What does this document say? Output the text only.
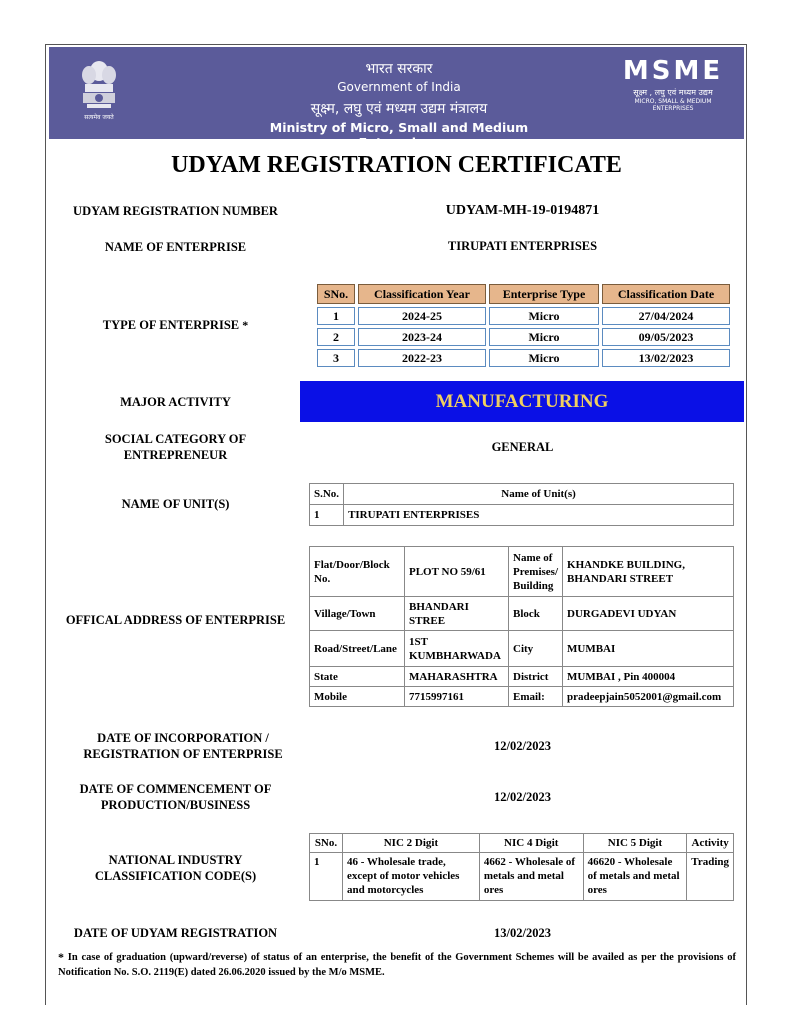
सत्यमेव जयते
भारत सरकार
Government of India
सूक्ष्म, लघु एवं मध्यम उद्यम मंत्रालय
Ministry of Micro, Small and Medium Enterprises
MSME
सूक्ष्म , लघु एवं मध्यम उद्यम
MICRO, SMALL & MEDIUM ENTERPRISES
UDYAM REGISTRATION CERTIFICATE
UDYAM REGISTRATION NUMBER	UDYAM-MH-19-0194871
NAME OF ENTERPRISE	TIRUPATI ENTERPRISES
TYPE OF ENTERPRISE *
SNo.	Classification Year	Enterprise Type	Classification Date
1	2024-25	Micro	27/04/2024
2	2023-24	Micro	09/05/2023
3	2022-23	Micro	13/02/2023
MAJOR ACTIVITY	MANUFACTURING
SOCIAL CATEGORY OF ENTREPRENEUR
GENERAL
NAME OF UNIT(S)
S.No.	Name of Unit(s)
1	TIRUPATI ENTERPRISES
OFFICAL ADDRESS OF ENTERPRISE
Flat/Door/Block No.	PLOT NO 59/61	Name of Premises/ Building	KHANDKE BUILDING, BHANDARI STREET
Village/Town	BHANDARI STREE	Block	DURGADEVI UDYAN
Road/Street/Lane	1ST KUMBHARWADA	City	MUMBAI
State	MAHARASHTRA	District	MUMBAI , Pin 400004
Mobile	7715997161	Email:	pradeepjain5052001@gmail.com
DATE OF INCORPORATION / REGISTRATION OF ENTERPRISE
12/02/2023
DATE OF COMMENCEMENT OF PRODUCTION/BUSINESS
12/02/2023
NATIONAL INDUSTRY CLASSIFICATION CODE(S)
SNo.	NIC 2 Digit	NIC 4 Digit	NIC 5 Digit	Activity
1	46 - Wholesale trade, except of motor vehicles and motorcycles	4662 - Wholesale of metals and metal ores	46620 - Wholesale of metals and metal ores	Trading
DATE OF UDYAM REGISTRATION	13/02/2023
* In case of graduation (upward/reverse) of status of an enterprise, the benefit of the Government Schemes will be availed as per the provisions of Notification No. S.O. 2119(E) dated 26.06.2020 issued by the M/o MSME.
